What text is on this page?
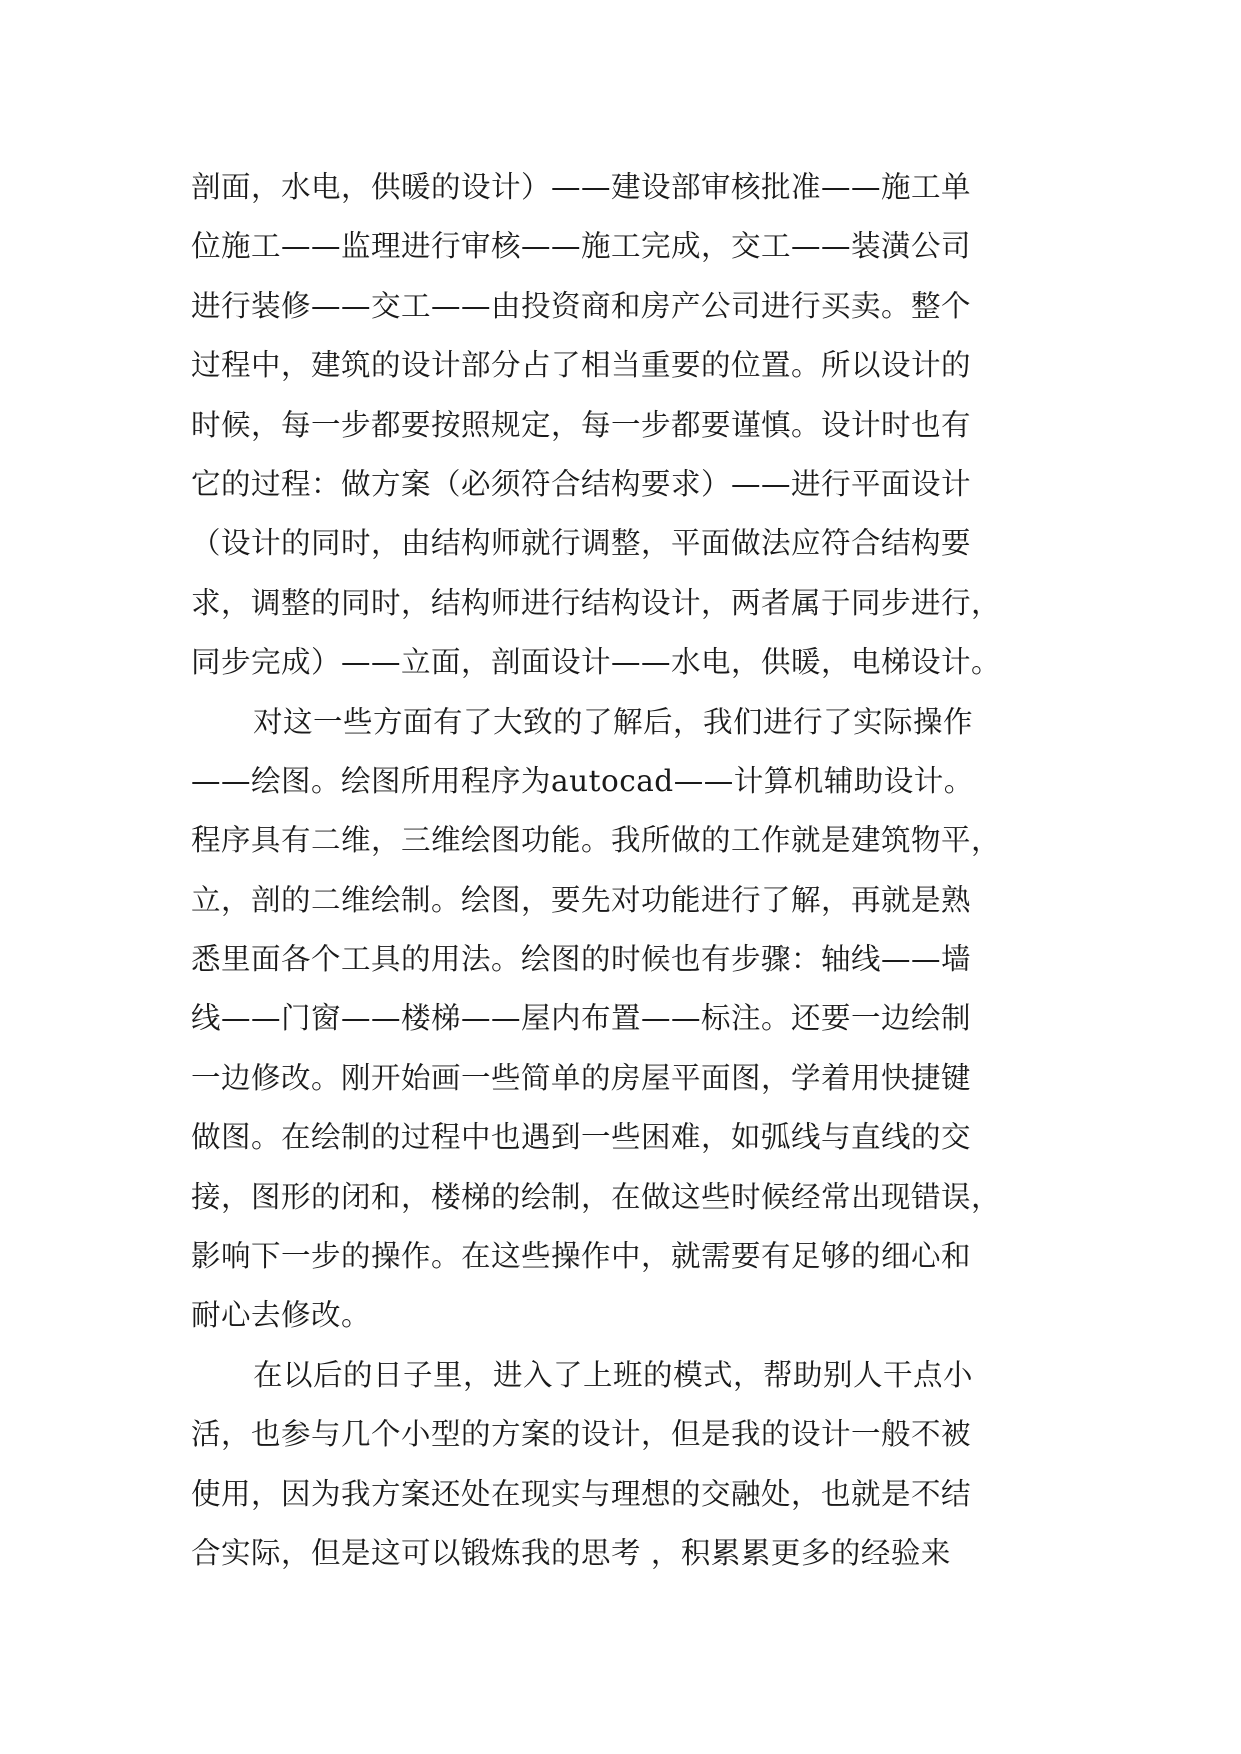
剖面，水电，供暖的设计）——建设部审核批准——施工单
位施工——监理进行审核——施工完成，交工——装潢公司
进行装修——交工——由投资商和房产公司进行买卖。整个
过程中，建筑的设计部分占了相当重要的位置。所以设计的
时候，每一步都要按照规定，每一步都要谨慎。设计时也有
它的过程：做方案（必须符合结构要求）——进行平面设计
（设计的同时，由结构师就行调整，平面做法应符合结构要
求，调整的同时，结构师进行结构设计，两者属于同步进行，
同步完成）——立面，剖面设计——水电，供暖，电梯设计。
对这一些方面有了大致的了解后，我们进行了实际操作
——绘图。绘图所用程序为autocad——计算机辅助设计。
程序具有二维，三维绘图功能。我所做的工作就是建筑物平，
立，剖的二维绘制。绘图，要先对功能进行了解，再就是熟
悉里面各个工具的用法。绘图的时候也有步骤：轴线——墙
线——门窗——楼梯——屋内布置——标注。还要一边绘制
一边修改。刚开始画一些简单的房屋平面图，学着用快捷键
做图。在绘制的过程中也遇到一些困难，如弧线与直线的交
接，图形的闭和，楼梯的绘制，在做这些时候经常出现错误，
影响下一步的操作。在这些操作中，就需要有足够的细心和
耐心去修改。
在以后的日子里，进入了上班的模式，帮助别人干点小
活，也参与几个小型的方案的设计，但是我的设计一般不被
使用，因为我方案还处在现实与理想的交融处，也就是不结
合实际，但是这可以锻炼我的思考 ，积累累更多的经验来
